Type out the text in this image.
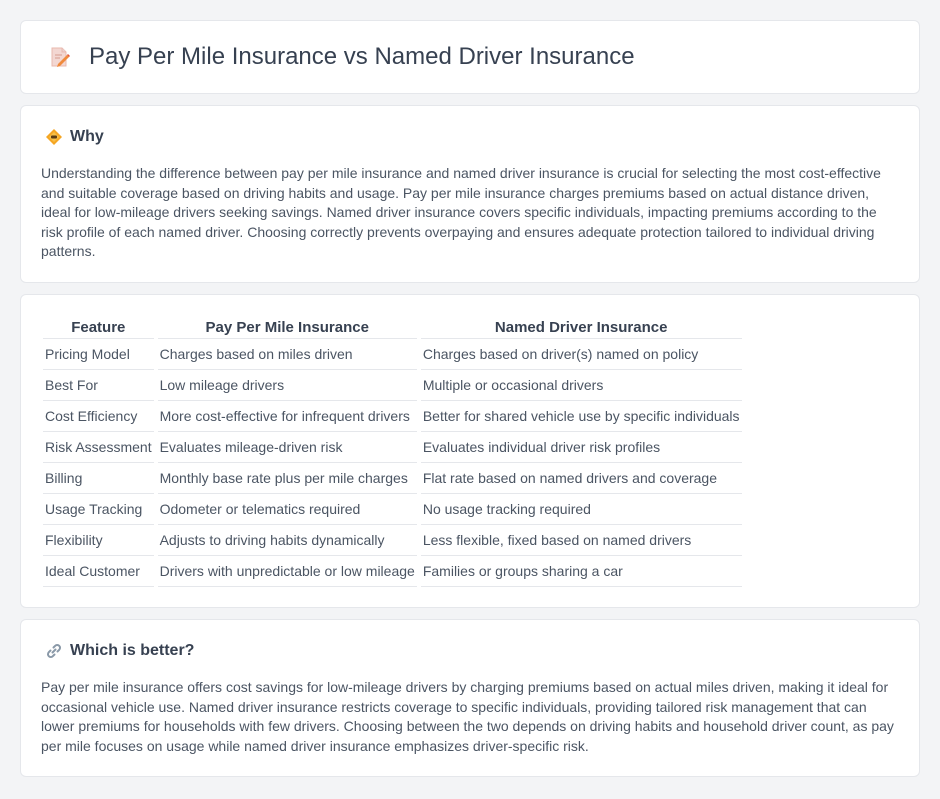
Pay Per Mile Insurance vs Named Driver Insurance
Why

Understanding the difference between pay per mile insurance and named driver insurance is crucial for selecting the most cost-effective and suitable coverage based on driving habits and usage. Pay per mile insurance charges premiums based on actual distance driven, ideal for low-mileage drivers seeking savings. Named driver insurance covers specific individuals, impacting premiums according to the risk profile of each named driver. Choosing correctly prevents overpaying and ensures adequate protection tailored to individual driving patterns.

Feature	Pay Per Mile Insurance	Named Driver Insurance
Pricing Model	Charges based on miles driven	Charges based on driver(s) named on policy
Best For	Low mileage drivers	Multiple or occasional drivers
Cost Efficiency	More cost-effective for infrequent drivers	Better for shared vehicle use by specific individuals
Risk Assessment	Evaluates mileage-driven risk	Evaluates individual driver risk profiles
Billing	Monthly base rate plus per mile charges	Flat rate based on named drivers and coverage
Usage Tracking	Odometer or telematics required	No usage tracking required
Flexibility	Adjusts to driving habits dynamically	Less flexible, fixed based on named drivers
Ideal Customer	Drivers with unpredictable or low mileage	Families or groups sharing a car
Which is better?

Pay per mile insurance offers cost savings for low-mileage drivers by charging premiums based on actual miles driven, making it ideal for occasional vehicle use. Named driver insurance restricts coverage to specific individuals, providing tailored risk management that can lower premiums for households with few drivers. Choosing between the two depends on driving habits and household driver count, as pay per mile focuses on usage while named driver insurance emphasizes driver-specific risk.
